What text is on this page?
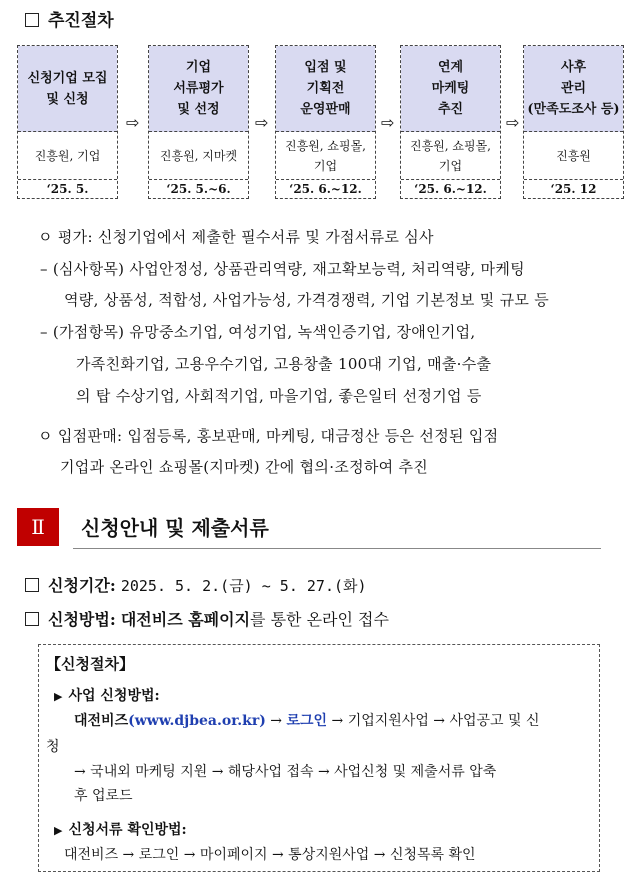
추진절차
신청기업 모집
및 신청
진흥원, 기업
‘25. 5.
기업
서류평가
및 선정
진흥원, 지마켓
‘25. 5.~6.
입점 및
기획전
운영판매
진흥원, 쇼핑몰,
기업
‘25. 6.~12.
연계
마케팅
추진
진흥원, 쇼핑몰,
기업
‘25. 6.~12.
사후
관리
(만족도조사 등)
진흥원
‘25. 12
⇨	⇨	⇨	⇨
ㅇ 평가: 신청기업에서 제출한 필수서류 및 가점서류로 심사
– (심사항목) 사업안정성, 상품관리역량, 재고확보능력, 처리역량, 마케팅
역량, 상품성, 적합성, 사업가능성, 가격경쟁력, 기업 기본정보 및 규모 등
– (가점항목) 유망중소기업, 여성기업, 녹색인증기업, 장애인기업,
가족친화기업, 고용우수기업, 고용창출 100대 기업, 매출·수출
의 탑 수상기업, 사회적기업, 마을기업, 좋은일터 선정기업 등
ㅇ 입점판매: 입점등록, 홍보판매, 마케팅, 대금정산 등은 선정된 입점
기업과 온라인 쇼핑몰(지마켓) 간에 협의·조정하여 추진
Ⅱ	신청안내 및 제출서류
신청기간: 2025. 5. 2.(금) ~ 5. 27.(화)
신청방법: 대전비즈 홈페이지를 통한 온라인 접수
【신청절차】
▶ 사업 신청방법:
대전비즈(www.djbea.or.kr) → 로그인 → 기업지원사업 → 사업공고 및 신
청
→ 국내외 마케팅 지원 → 해당사업 접속 → 사업신청 및 제출서류 압축
후 업로드
▶ 신청서류 확인방법:
대전비즈 → 로그인 → 마이페이지 → 통상지원사업 → 신청목록 확인
